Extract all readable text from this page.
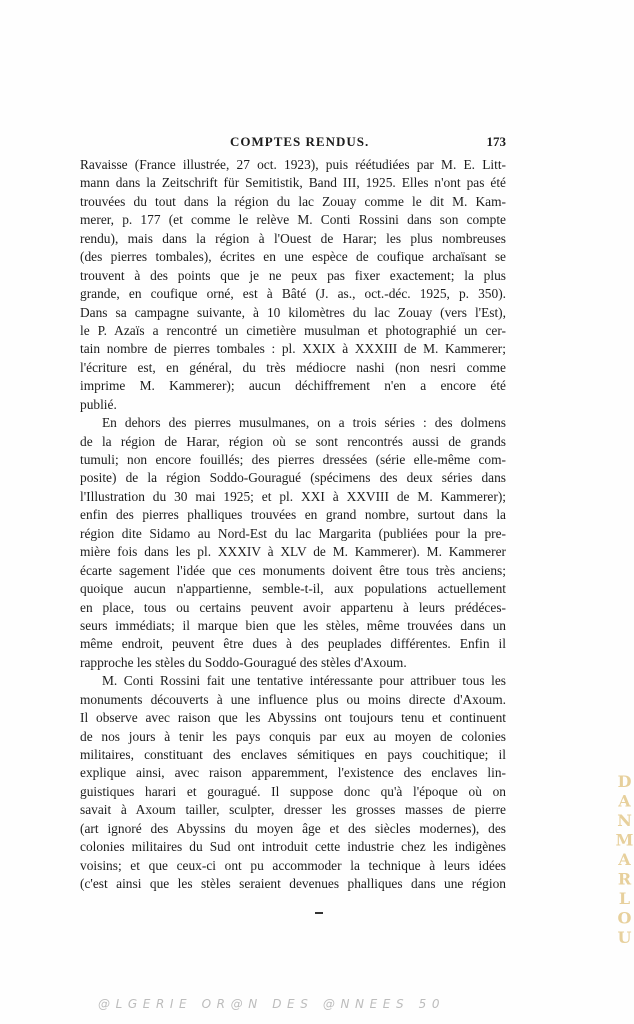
COMPTES RENDUS.	173
Ravaisse (France illustrée, 27 oct. 1923), puis réétudiées par M. E. Litt-
mann dans la Zeitschrift für Semitistik, Band III, 1925. Elles n'ont pas été
trouvées du tout dans la région du lac Zouay comme le dit M. Kam-
merer, p. 177 (et comme le relève M. Conti Rossini dans son compte
rendu), mais dans la région à l'Ouest de Harar; les plus nombreuses
(des pierres tombales), écrites en une espèce de coufique archaïsant se
trouvent à des points que je ne peux pas fixer exactement; la plus
grande, en coufique orné, est à Bâté (J. as., oct.-déc. 1925, p. 350).
Dans sa campagne suivante, à 10 kilomètres du lac Zouay (vers l'Est),
le P. Azaïs a rencontré un cimetière musulman et photographié un cer-
tain nombre de pierres tombales : pl. XXIX à XXXIII de M. Kammerer;
l'écriture est, en général, du très médiocre nashi (non nesri comme
imprime M. Kammerer); aucun déchiffrement n'en a encore été
publié.
En dehors des pierres musulmanes, on a trois séries : des dolmens
de la région de Harar, région où se sont rencontrés aussi de grands
tumuli; non encore fouillés; des pierres dressées (série elle-même com-
posite) de la région Soddo-Gouragué (spécimens des deux séries dans
l'Illustration du 30 mai 1925; et pl. XXI à XXVIII de M. Kammerer);
enfin des pierres phalliques trouvées en grand nombre, surtout dans la
région dite Sidamo au Nord-Est du lac Margarita (publiées pour la pre-
mière fois dans les pl. XXXIV à XLV de M. Kammerer). M. Kammerer
écarte sagement l'idée que ces monuments doivent être tous très anciens;
quoique aucun n'appartienne, semble-t-il, aux populations actuellement
en place, tous ou certains peuvent avoir appartenu à leurs prédéces-
seurs immédiats; il marque bien que les stèles, même trouvées dans un
même endroit, peuvent être dues à des peuplades différentes. Enfin il
rapproche les stèles du Soddo-Gouragué des stèles d'Axoum.
M. Conti Rossini fait une tentative intéressante pour attribuer tous les
monuments découverts à une influence plus ou moins directe d'Axoum.
Il observe avec raison que les Abyssins ont toujours tenu et continuent
de nos jours à tenir les pays conquis par eux au moyen de colonies
militaires, constituant des enclaves sémitiques en pays couchitique; il
explique ainsi, avec raison apparemment, l'existence des enclaves lin-
guistiques harari et gouragué. Il suppose donc qu'à l'époque où on
savait à Axoum tailler, sculpter, dresser les grosses masses de pierre
(art ignoré des Abyssins du moyen âge et des siècles modernes), des
colonies militaires du Sud ont introduit cette industrie chez les indigènes
voisins; et que ceux-ci ont pu accommoder la technique à leurs idées
(c'est ainsi que les stèles seraient devenues phalliques dans une région
@LGERIE OR@N DES @NNEES 50
DANMARLOU
